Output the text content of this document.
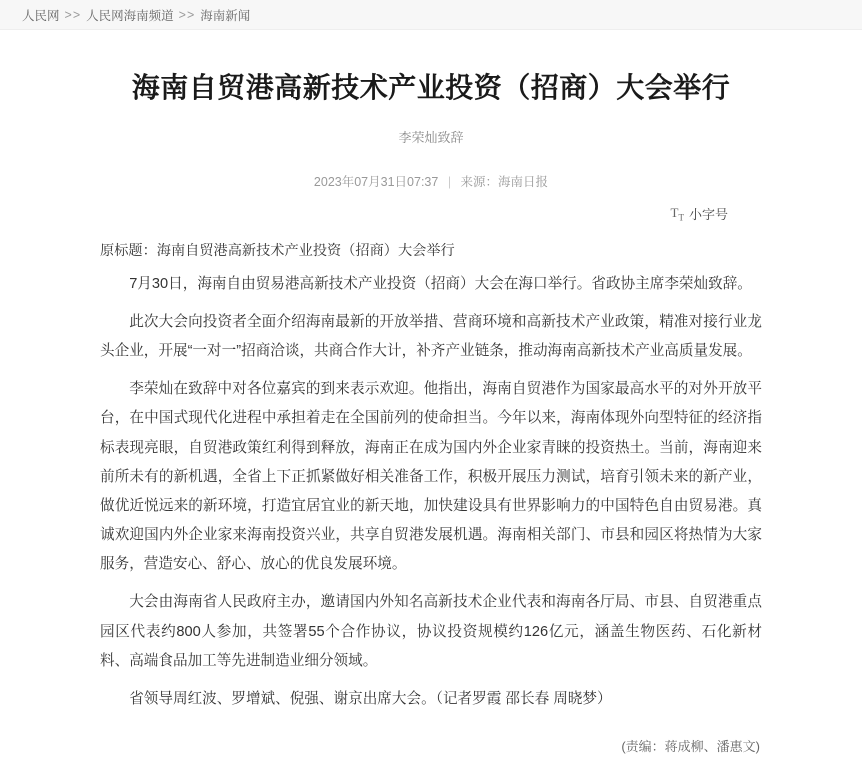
人民网 >> 人民网海南频道 >> 海南新闻
海南自贸港高新技术产业投资（招商）大会举行
李荣灿致辞
2023年07月31日07:37 | 来源：海南日报
$T_T$ 小字号

原标题：海南自贸港高新技术产业投资（招商）大会举行

7月30日，海南自由贸易港高新技术产业投资（招商）大会在海口举行。省政协主席李荣灿致辞。

此次大会向投资者全面介绍海南最新的开放举措、营商环境和高新技术产业政策，精准对接行业龙头企业，开展“一对一”招商洽谈，共商合作大计，补齐产业链条，推动海南高新技术产业高质量发展。

李荣灿在致辞中对各位嘉宾的到来表示欢迎。他指出，海南自贸港作为国家最高水平的对外开放平台，在中国式现代化进程中承担着走在全国前列的使命担当。今年以来，海南体现外向型特征的经济指标表现亮眼，自贸港政策红利得到释放，海南正在成为国内外企业家青睐的投资热土。当前，海南迎来前所未有的新机遇，全省上下正抓紧做好相关准备工作，积极开展压力测试，培育引领未来的新产业，做优近悦远来的新环境，打造宜居宜业的新天地，加快建设具有世界影响力的中国特色自由贸易港。真诚欢迎国内外企业家来海南投资兴业，共享自贸港发展机遇。海南相关部门、市县和园区将热情为大家服务，营造安心、舒心、放心的优良发展环境。

大会由海南省人民政府主办，邀请国内外知名高新技术企业代表和海南各厅局、市县、自贸港重点园区代表约800人参加，共签署55个合作协议，协议投资规模约126亿元，涵盖生物医药、石化新材料、高端食品加工等先进制造业细分领域。

省领导周红波、罗增斌、倪强、谢京出席大会。（记者罗霞 邵长春 周晓梦）

(责编：蒋成柳、潘惠文)
